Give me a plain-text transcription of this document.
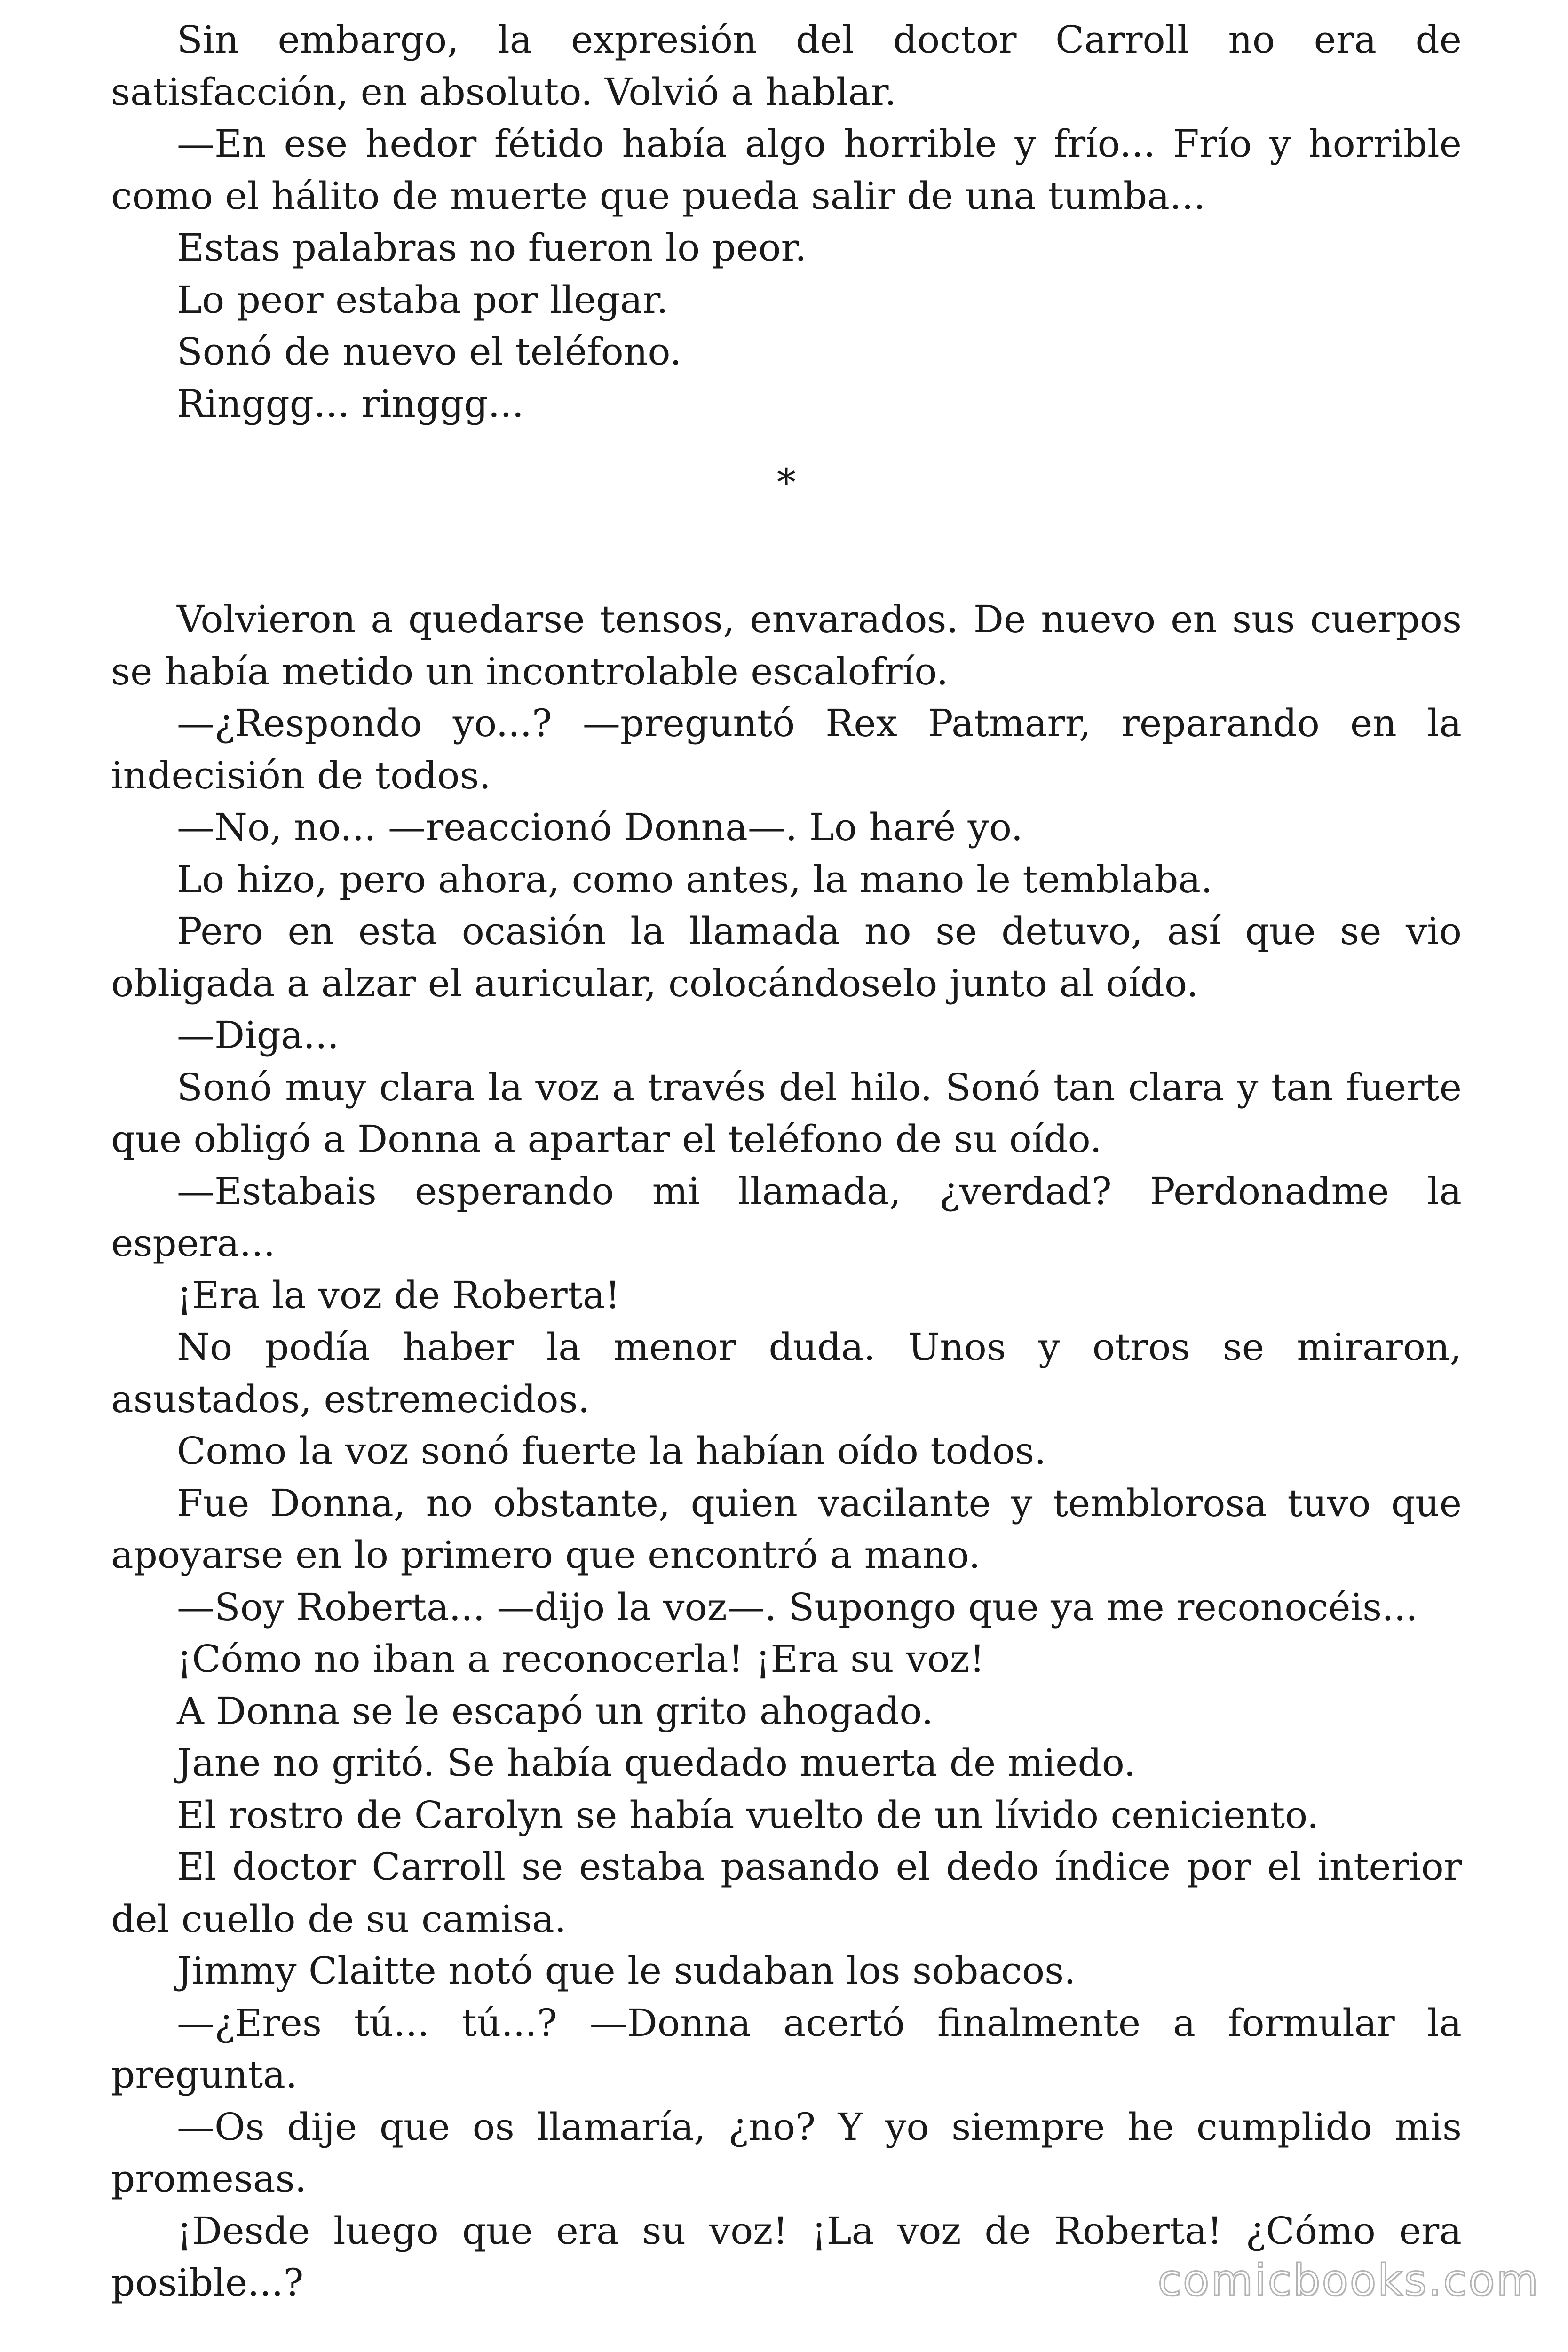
Sin embargo, la expresión del doctor Carroll no era de satisfacción, en absoluto. Volvió a hablar.

—En ese hedor fétido había algo horrible y frío... Frío y horrible como el hálito de muerte que pueda salir de una tumba...

Estas palabras no fueron lo peor.

Lo peor estaba por llegar.

Sonó de nuevo el teléfono.

Ringgg... ringgg...

*

Volvieron a quedarse tensos, envarados. De nuevo en sus cuerpos se había metido un incontrolable escalofrío.

—¿Respondo yo...? —preguntó Rex Patmarr, reparando en la indecisión de todos.

—No, no... —reaccionó Donna—. Lo haré yo.

Lo hizo, pero ahora, como antes, la mano le temblaba.

Pero en esta ocasión la llamada no se detuvo, así que se vio obligada a alzar el auricular, colocándoselo junto al oído.

—Diga...

Sonó muy clara la voz a través del hilo. Sonó tan clara y tan fuerte que obligó a Donna a apartar el teléfono de su oído.

—Estabais esperando mi llamada, ¿verdad? Perdonadme la espera...

¡Era la voz de Roberta!

No podía haber la menor duda. Unos y otros se miraron, asustados, estremecidos.

Como la voz sonó fuerte la habían oído todos.

Fue Donna, no obstante, quien vacilante y temblorosa tuvo que apoyarse en lo primero que encontró a mano.

—Soy Roberta... —dijo la voz—. Supongo que ya me reconocéis...

¡Cómo no iban a reconocerla! ¡Era su voz!

A Donna se le escapó un grito ahogado.

Jane no gritó. Se había quedado muerta de miedo.

El rostro de Carolyn se había vuelto de un lívido ceniciento.

El doctor Carroll se estaba pasando el dedo índice por el interior del cuello de su camisa.

Jimmy Claitte notó que le sudaban los sobacos.

—¿Eres tú... tú...? —Donna acertó finalmente a formular la pregunta.

—Os dije que os llamaría, ¿no? Y yo siempre he cumplido mis promesas.

¡Desde luego que era su voz! ¡La voz de Roberta! ¿Cómo era posible...?	comicbooks.com
